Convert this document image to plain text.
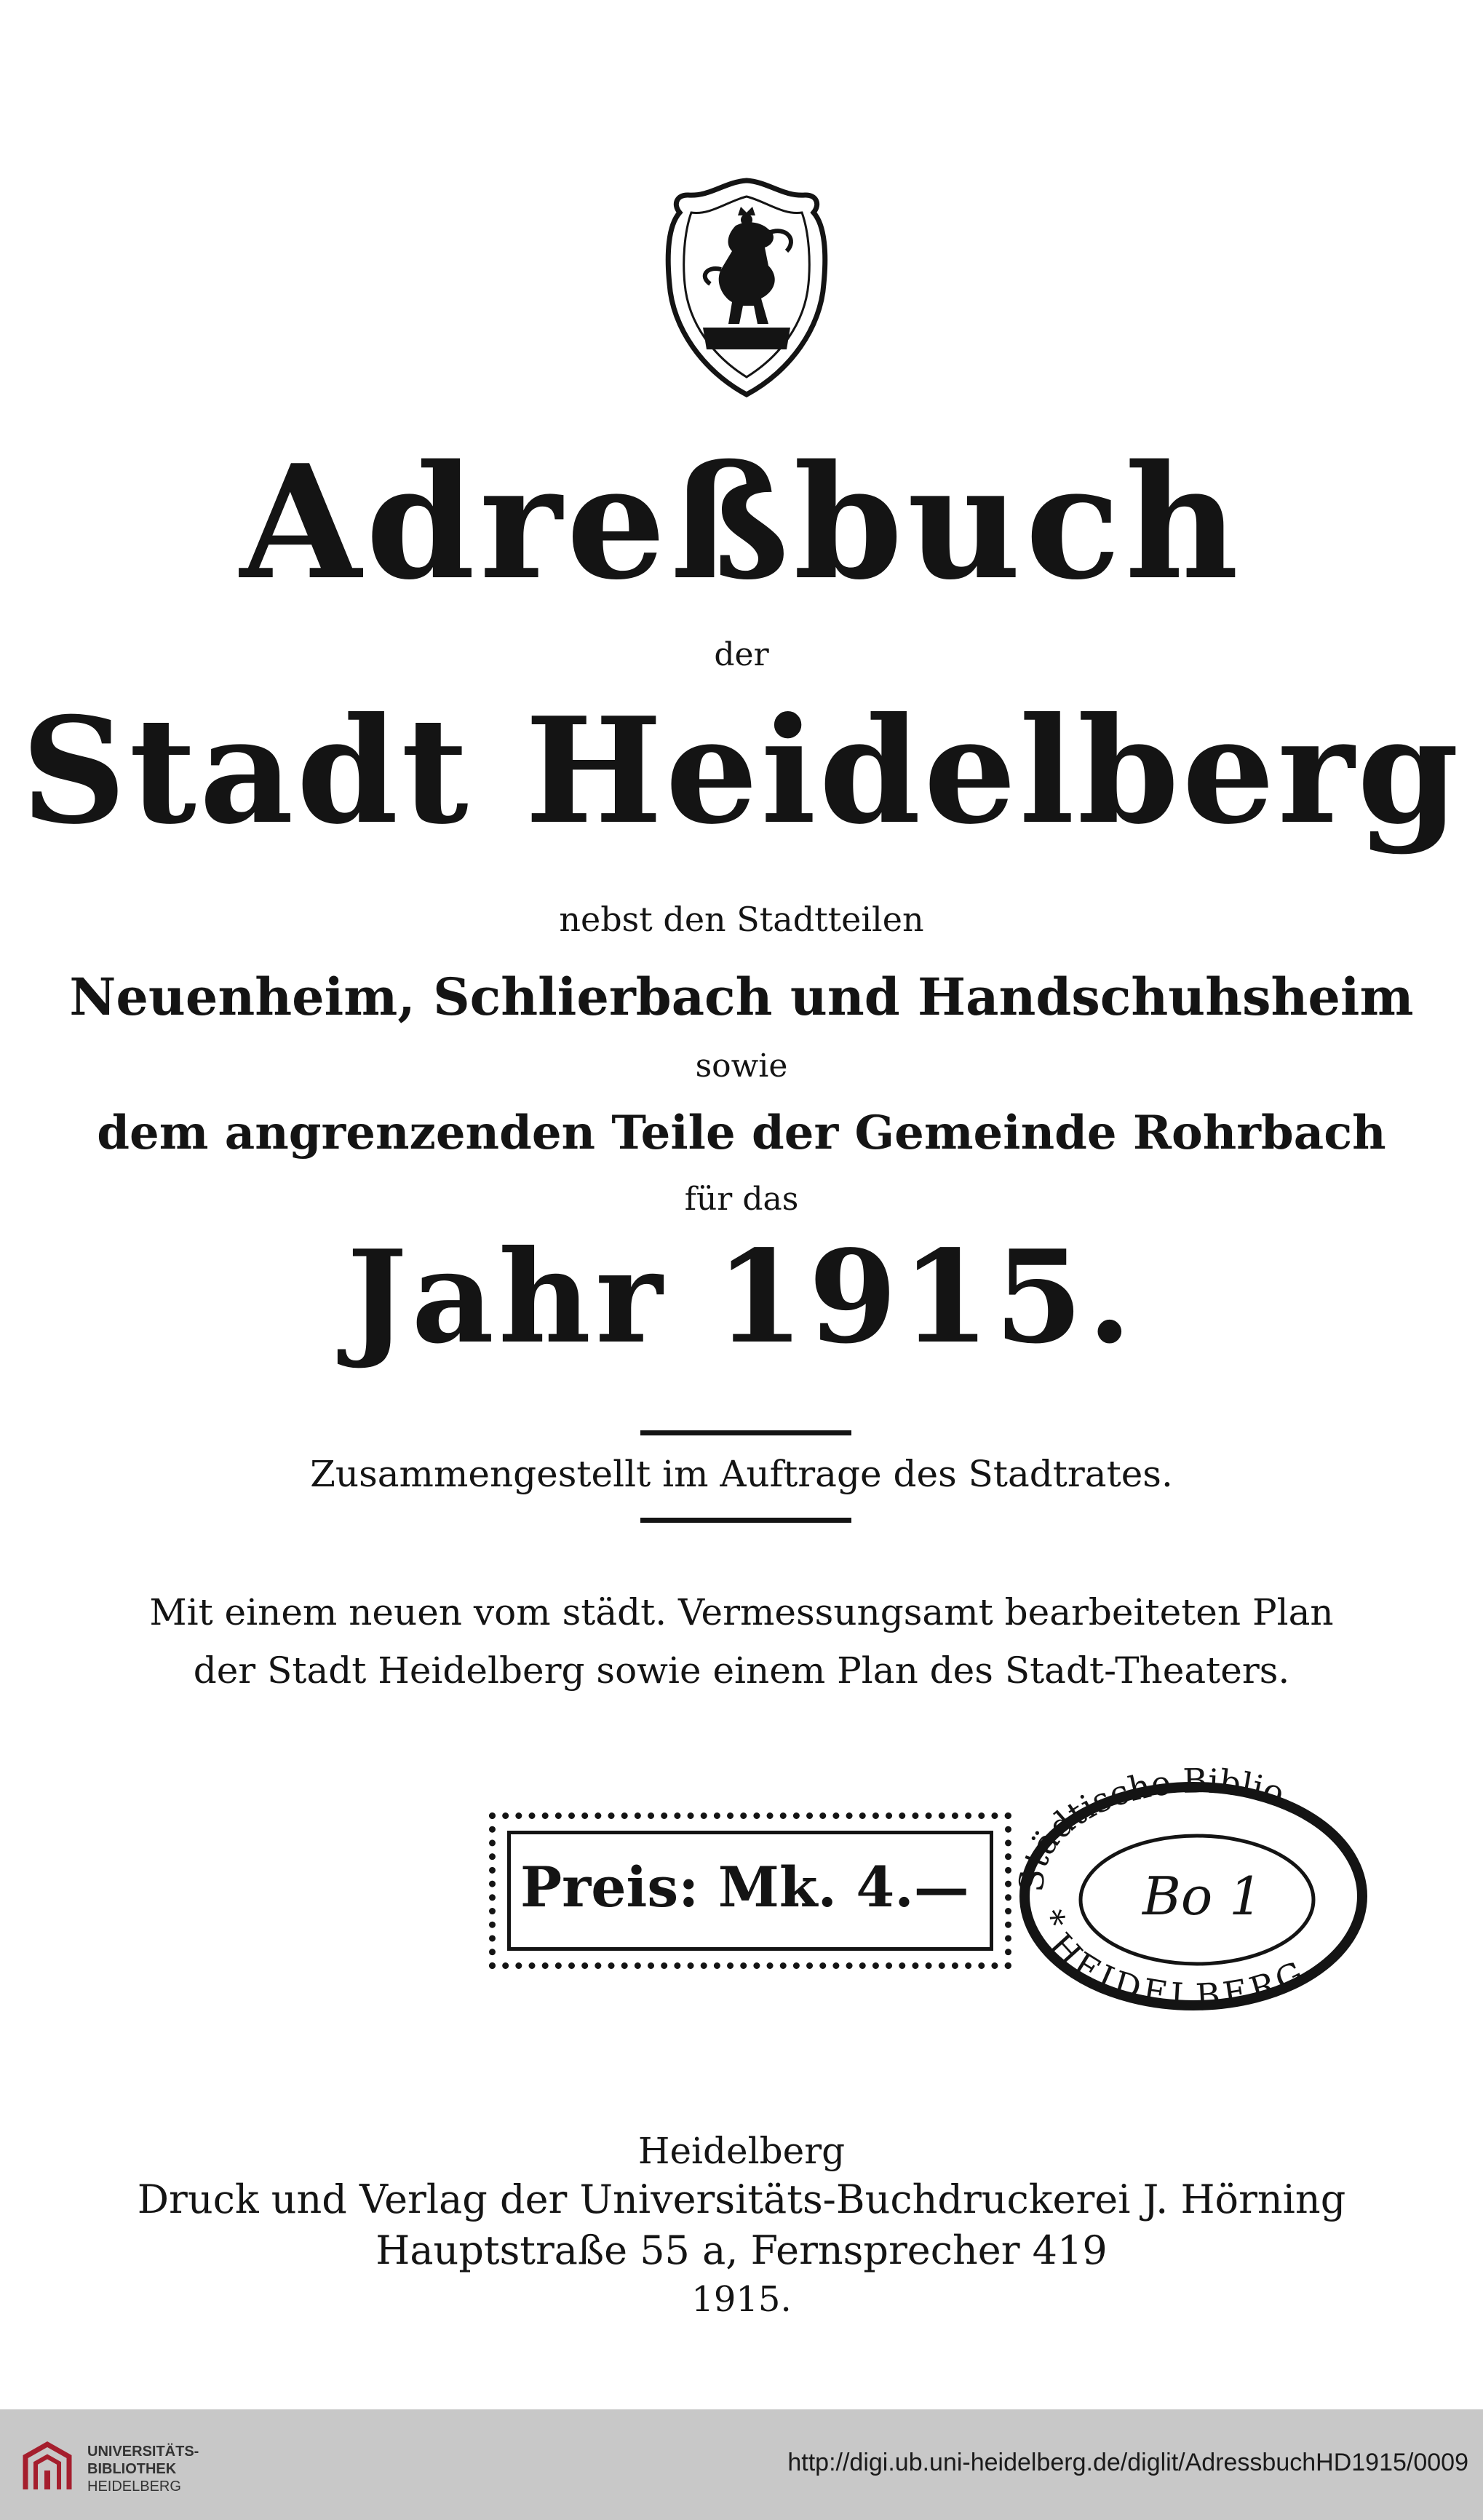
Adreßbuch
der
Stadt Heidelberg
nebst den Stadtteilen
Neuenheim, Schlierbach und Handschuhsheim
sowie
dem angrenzenden Teile der Gemeinde Rohrbach
für das
Jahr 1915.
Zusammengestellt im Auftrage des Stadtrates.
Mit einem neuen vom städt. Vermessungsamt bearbeiteten Plan
der Stadt Heidelberg sowie einem Plan des Stadt-Theaters.
Preis: Mk. 4.— Städtische Biblio
* HEIDELBERG
Bo 1
Heidelberg
Druck und Verlag der Universitäts-Buchdruckerei J. Hörning
Hauptstraße 55 a, Fernsprecher 419
1915.
UNIVERSITÄTS-
BIBLIOTHEK
HEIDELBERG
http://digi.ub.uni-heidelberg.de/diglit/AdressbuchHD1915/0009
